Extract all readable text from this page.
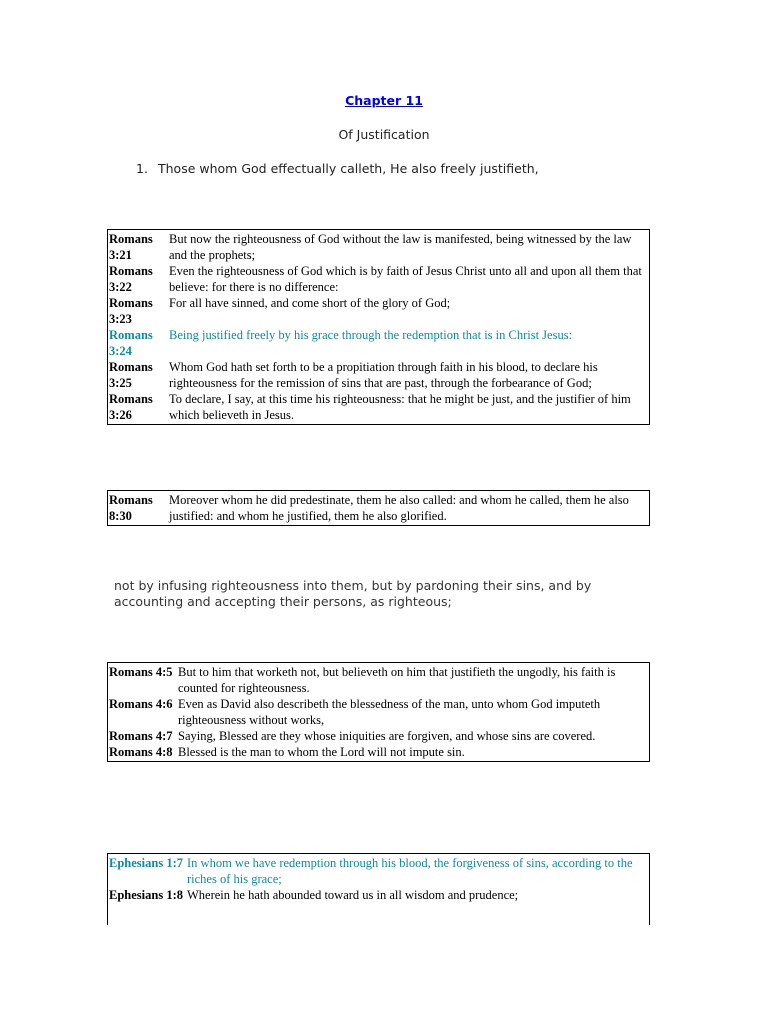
Chapter 11
Of Justification

1. Those whom God effectually calleth, He also freely justifieth,

Romans 3:21
But now the righteousness of God without the law is manifested, being witnessed by the law and the prophets;
Romans 3:22
Even the righteousness of God which is by faith of Jesus Christ unto all and upon all them that believe: for there is no difference:
Romans 3:23
For all have sinned, and come short of the glory of God;
Romans 3:24
Being justified freely by his grace through the redemption that is in Christ Jesus:
Romans 3:25
Whom God hath set forth to be a propitiation through faith in his blood, to declare his righteousness for the remission of sins that are past, through the forbearance of God;
Romans 3:26
To declare, I say, at this time his righteousness: that he might be just, and the justifier of him which believeth in Jesus.
Romans 8:30
Moreover whom he did predestinate, them he also called: and whom he called, them he also justified: and whom he justified, them he also glorified.

not by infusing righteousness into them, but by pardoning their sins, and by accounting and accepting their persons, as righteous;

Romans 4:5 But to him that worketh not, but believeth on him that justifieth the ungodly, his faith is counted for righteousness.
Romans 4:6 Even as David also describeth the blessedness of the man, unto whom God imputeth righteousness without works,
Romans 4:7 Saying, Blessed are they whose iniquities are forgiven, and whose sins are covered.
Romans 4:8 Blessed is the man to whom the Lord will not impute sin.
Ephesians 1:7 In whom we have redemption through his blood, the forgiveness of sins, according to the riches of his grace;
Ephesians 1:8 Wherein he hath abounded toward us in all wisdom and prudence;
